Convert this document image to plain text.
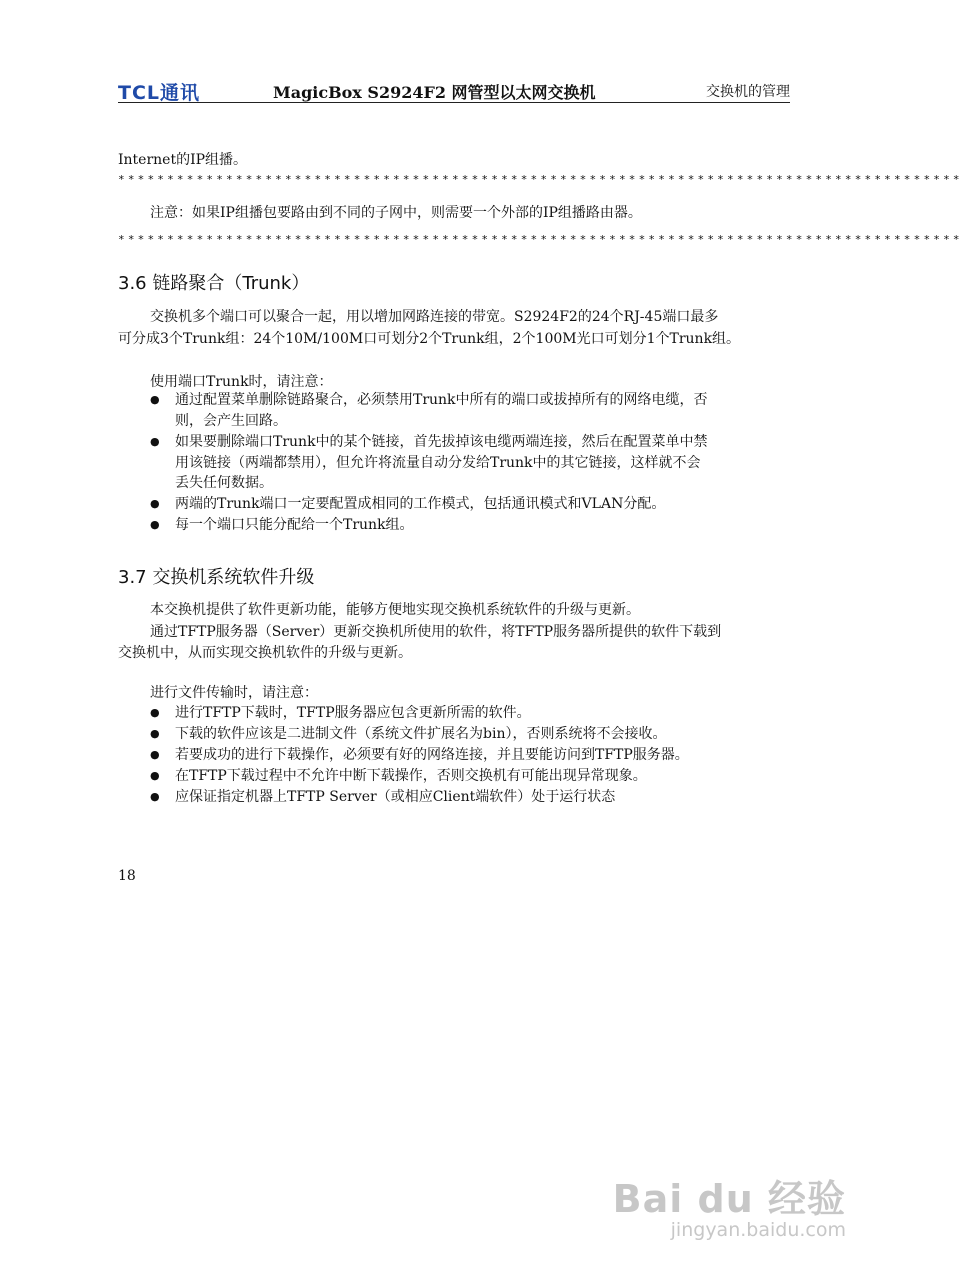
TCL通讯	MagicBox S2924F2 网管型以太网交换机	交换机的管理
Internet的IP组播。
**************************************************************************************
注意：如果IP组播包要路由到不同的子网中，则需要一个外部的IP组播路由器。
**************************************************************************************
3.6 链路聚合（Trunk）
交换机多个端口可以聚合一起，用以增加网路连接的带宽。S2924F2的24个RJ-45端口最多
可分成3个Trunk组：24个10M/100M口可划分2个Trunk组，2个100M光口可划分1个Trunk组。
使用端口Trunk时，请注意：
● 通过配置菜单删除链路聚合，必须禁用Trunk中所有的端口或拔掉所有的网络电缆，否
则，会产生回路。
● 如果要删除端口Trunk中的某个链接，首先拔掉该电缆两端连接，然后在配置菜单中禁
用该链接（两端都禁用），但允许将流量自动分发给Trunk中的其它链接，这样就不会
丢失任何数据。
● 两端的Trunk端口一定要配置成相同的工作模式，包括通讯模式和VLAN分配。
● 每一个端口只能分配给一个Trunk组。
3.7 交换机系统软件升级
本交换机提供了软件更新功能，能够方便地实现交换机系统软件的升级与更新。
通过TFTP服务器（Server）更新交换机所使用的软件，将TFTP服务器所提供的软件下载到
交换机中，从而实现交换机软件的升级与更新。
进行文件传输时，请注意：
● 进行TFTP下载时，TFTP服务器应包含更新所需的软件。
● 下载的软件应该是二进制文件（系统文件扩展名为bin），否则系统将不会接收。
● 若要成功的进行下载操作，必须要有好的网络连接，并且要能访问到TFTP服务器。
● 在TFTP下载过程中不允许中断下载操作，否则交换机有可能出现异常现象。
● 应保证指定机器上TFTP Server（或相应Client端软件）处于运行状态
18
Bai du 经验
jingyan.baidu.com
